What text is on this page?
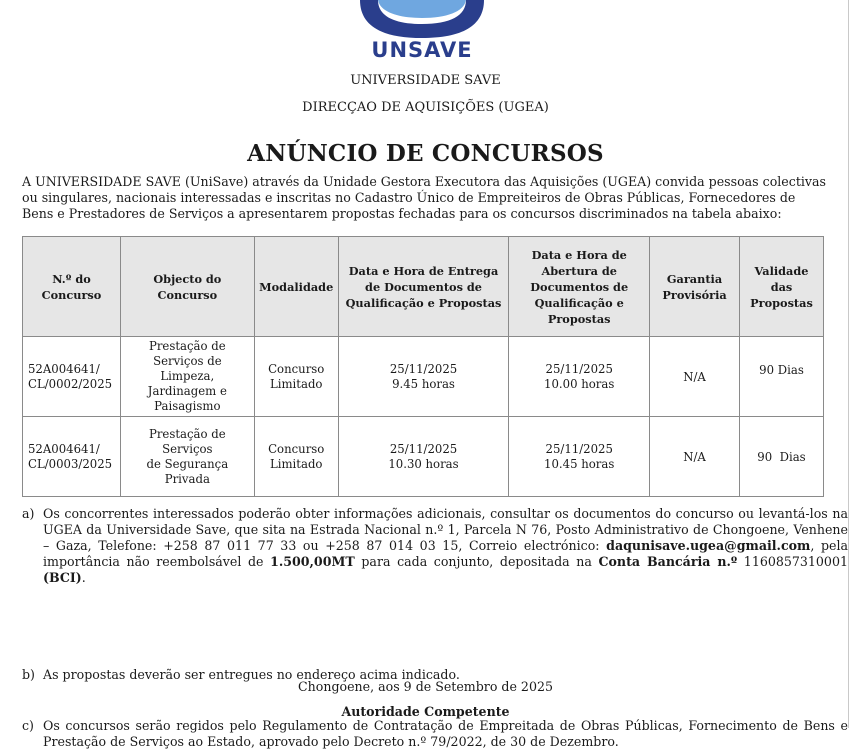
UNSAVE
UNIVERSIDADE SAVE
DIRECÇAO DE AQUISIÇÕES (UGEA)
ANÚNCIO DE CONCURSOS
A UNIVERSIDADE SAVE (UniSave) através da Unidade Gestora Executora das Aquisições (UGEA) convida pessoas colectivas ou singulares, nacionais interessadas e inscritas no Cadastro Único de Empreiteiros de Obras Públicas, Fornecedores de Bens e Prestadores de Serviços a apresentarem propostas fechadas para os concursos discriminados na tabela abaixo:
N.º do Concurso	Objecto do Concurso	Modalidade	Data e Hora de Entrega de Documentos de Qualificação e Propostas	Data e Hora de Abertura de Documentos de Qualificação e Propostas	Garantia Provisória	Validade das Propostas

52A004641/
CL/0002/2025	Prestação de
Serviços de Limpeza,
Jardinagem e
Paisagismo	Concurso
Limitado	25/11/2025
9.45 horas	25/11/2025
10.00 horas	N/A	90 Dias

52A004641/
CL/0003/2025	Prestação de Serviços
de Segurança Privada	Concurso
Limitado	25/11/2025
10.30 horas	25/11/2025
10.45 horas	N/A	90  Dias
a) Os concorrentes interessados poderão obter informações adicionais, consultar os documentos do concurso ou levantá-los na UGEA da Universidade Save, que sita na Estrada Nacional n.º 1, Parcela N 76, Posto Administrativo de Chongoene, Venhene – Gaza, Telefone: +258 87 011 77 33 ou +258 87 014 03 15, Correio electrónico: daqunisave.ugea@gmail.com, pela importância não reembolsável de 1.500,00MT para cada conjunto, depositada na Conta Bancária n.º 1160857310001 (BCI).
b) As propostas deverão ser entregues no endereço acima indicado.
c) Os concursos serão regidos pelo Regulamento de Contratação de Empreitada de Obras Públicas, Fornecimento de Bens e Prestação de Serviços ao Estado, aprovado pelo Decreto n.º 79/2022, de 30 de Dezembro.
Chongoene, aos 9 de Setembro de 2025
Autoridade Competente
